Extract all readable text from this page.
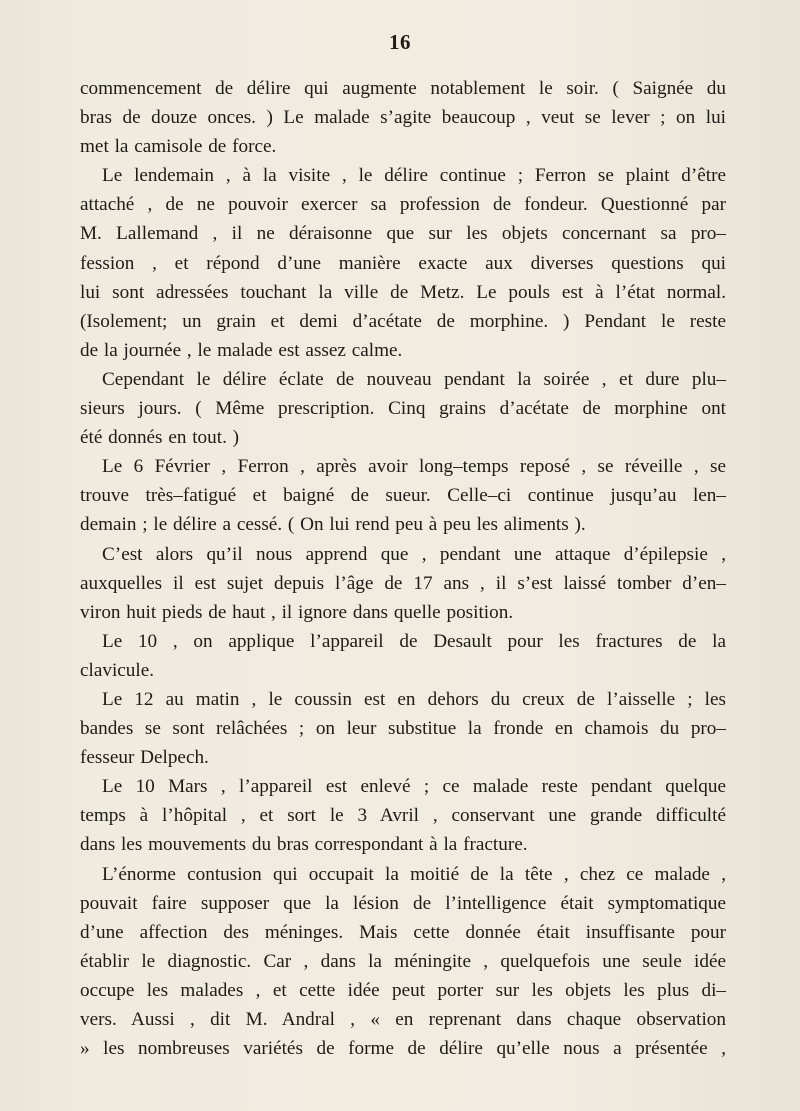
16
commencement de délire qui augmente notablement le soir. ( Saignée du
bras de douze onces. ) Le malade s’agite beaucoup , veut se lever ; on lui
met la camisole de force.
Le lendemain , à la visite , le délire continue ; Ferron se plaint d’être
attaché , de ne pouvoir exercer sa profession de fondeur. Questionné par
M. Lallemand , il ne déraisonne que sur les objets concernant sa pro–
fession , et répond d’une manière exacte aux diverses questions qui
lui sont adressées touchant la ville de Metz. Le pouls est à l’état normal.
(Isolement; un grain et demi d’acétate de morphine. ) Pendant le reste
de la journée , le malade est assez calme.
Cependant le délire éclate de nouveau pendant la soirée , et dure plu–
sieurs jours. ( Même prescription. Cinq grains d’acétate de morphine ont
été donnés en tout. )
Le 6 Février , Ferron , après avoir long–temps reposé , se réveille , se
trouve très–fatigué et baigné de sueur. Celle–ci continue jusqu’au len–
demain ; le délire a cessé. ( On lui rend peu à peu les aliments ).
C’est alors qu’il nous apprend que , pendant une attaque d’épilepsie ,
auxquelles il est sujet depuis l’âge de 17 ans , il s’est laissé tomber d’en–
viron huit pieds de haut , il ignore dans quelle position.
Le 10 , on applique l’appareil de Desault pour les fractures de la
clavicule.
Le 12 au matin , le coussin est en dehors du creux de l’aisselle ; les
bandes se sont relâchées ; on leur substitue la fronde en chamois du pro–
fesseur Delpech.
Le 10 Mars , l’appareil est enlevé ; ce malade reste pendant quelque
temps à l’hôpital , et sort le 3 Avril , conservant une grande difficulté
dans les mouvements du bras correspondant à la fracture.
L’énorme contusion qui occupait la moitié de la tête , chez ce malade ,
pouvait faire supposer que la lésion de l’intelligence était symptomatique
d’une affection des méninges. Mais cette donnée était insuffisante pour
établir le diagnostic. Car , dans la méningite , quelquefois une seule idée
occupe les malades , et cette idée peut porter sur les objets les plus di–
vers. Aussi , dit M. Andral , « en reprenant dans chaque observation
» les nombreuses variétés de forme de délire qu’elle nous a présentée ,
